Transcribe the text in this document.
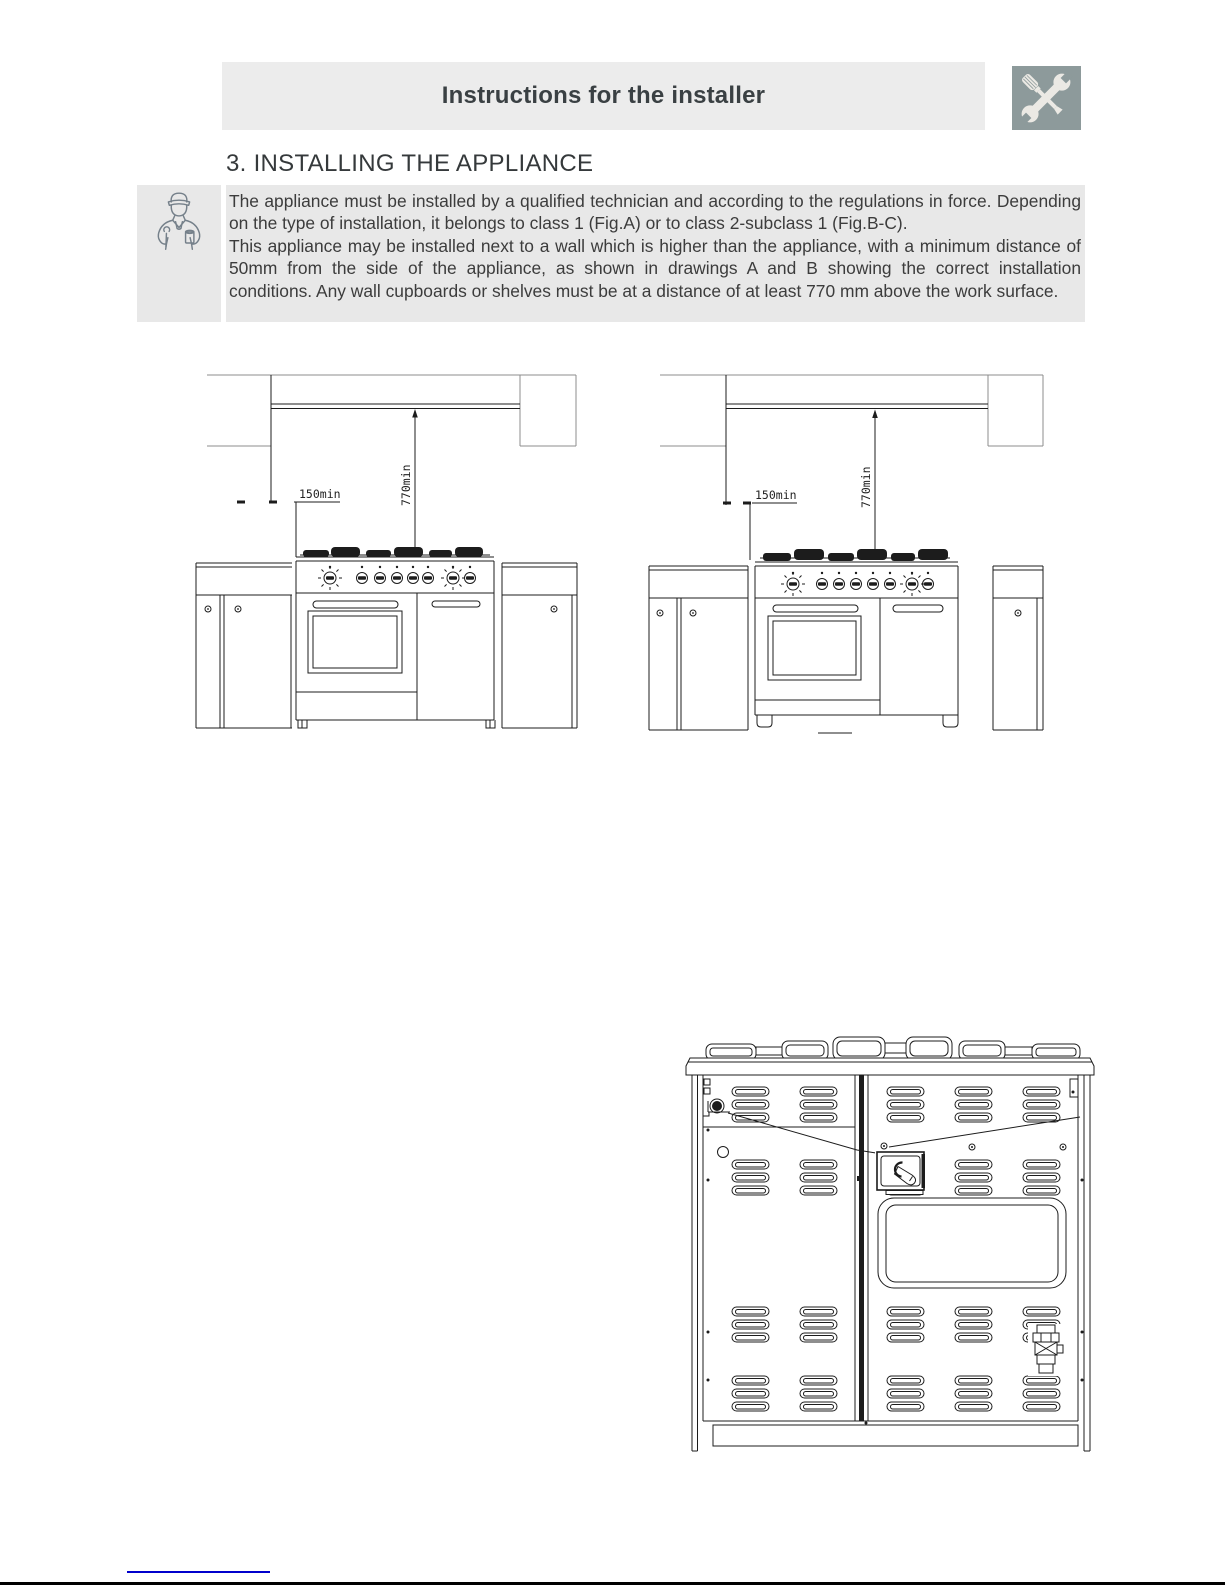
Instructions for the installer
3. INSTALLING THE APPLIANCE

The appliance must be installed by a qualified technician and according to the regulations in force. Depending on the type of installation, it belongs to class 1 (Fig.A) or to class 2-subclass 1 (Fig.B-C).

This appliance may be installed next to a wall which is higher than the appliance, with a minimum distance of 50mm from the side of the appliance, as shown in drawings A and B showing the correct installation conditions. Any wall cupboards or shelves must be at a distance of at least 770 mm above the work surface.

770min
150min	770min
150min
